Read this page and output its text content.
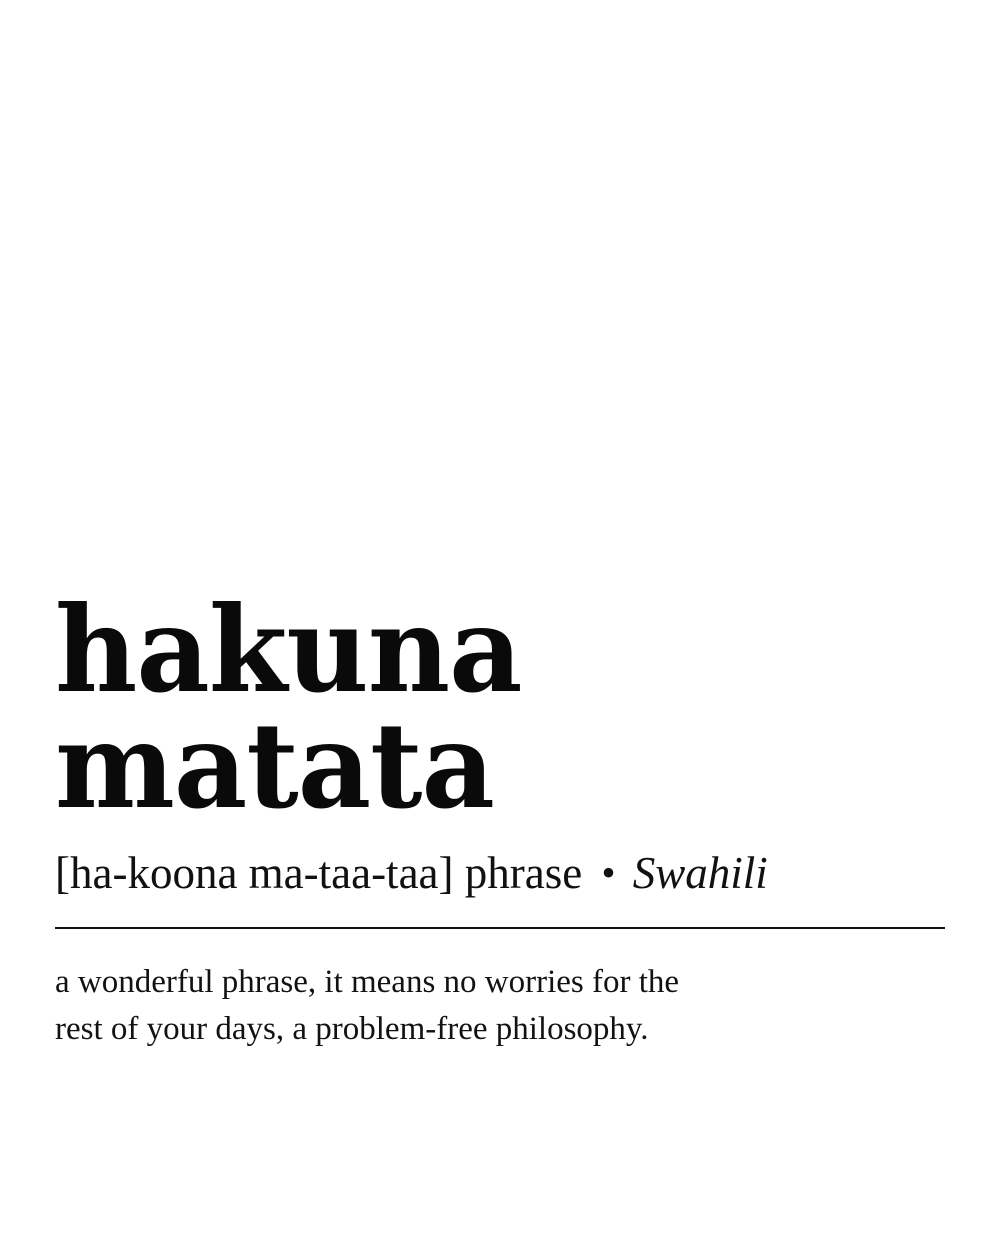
hakuna
matata
[ha-koona ma-taa-taa] phrase • Swahili
a wonderful phrase, it means no worries for the
rest of your days, a problem-free philosophy.
